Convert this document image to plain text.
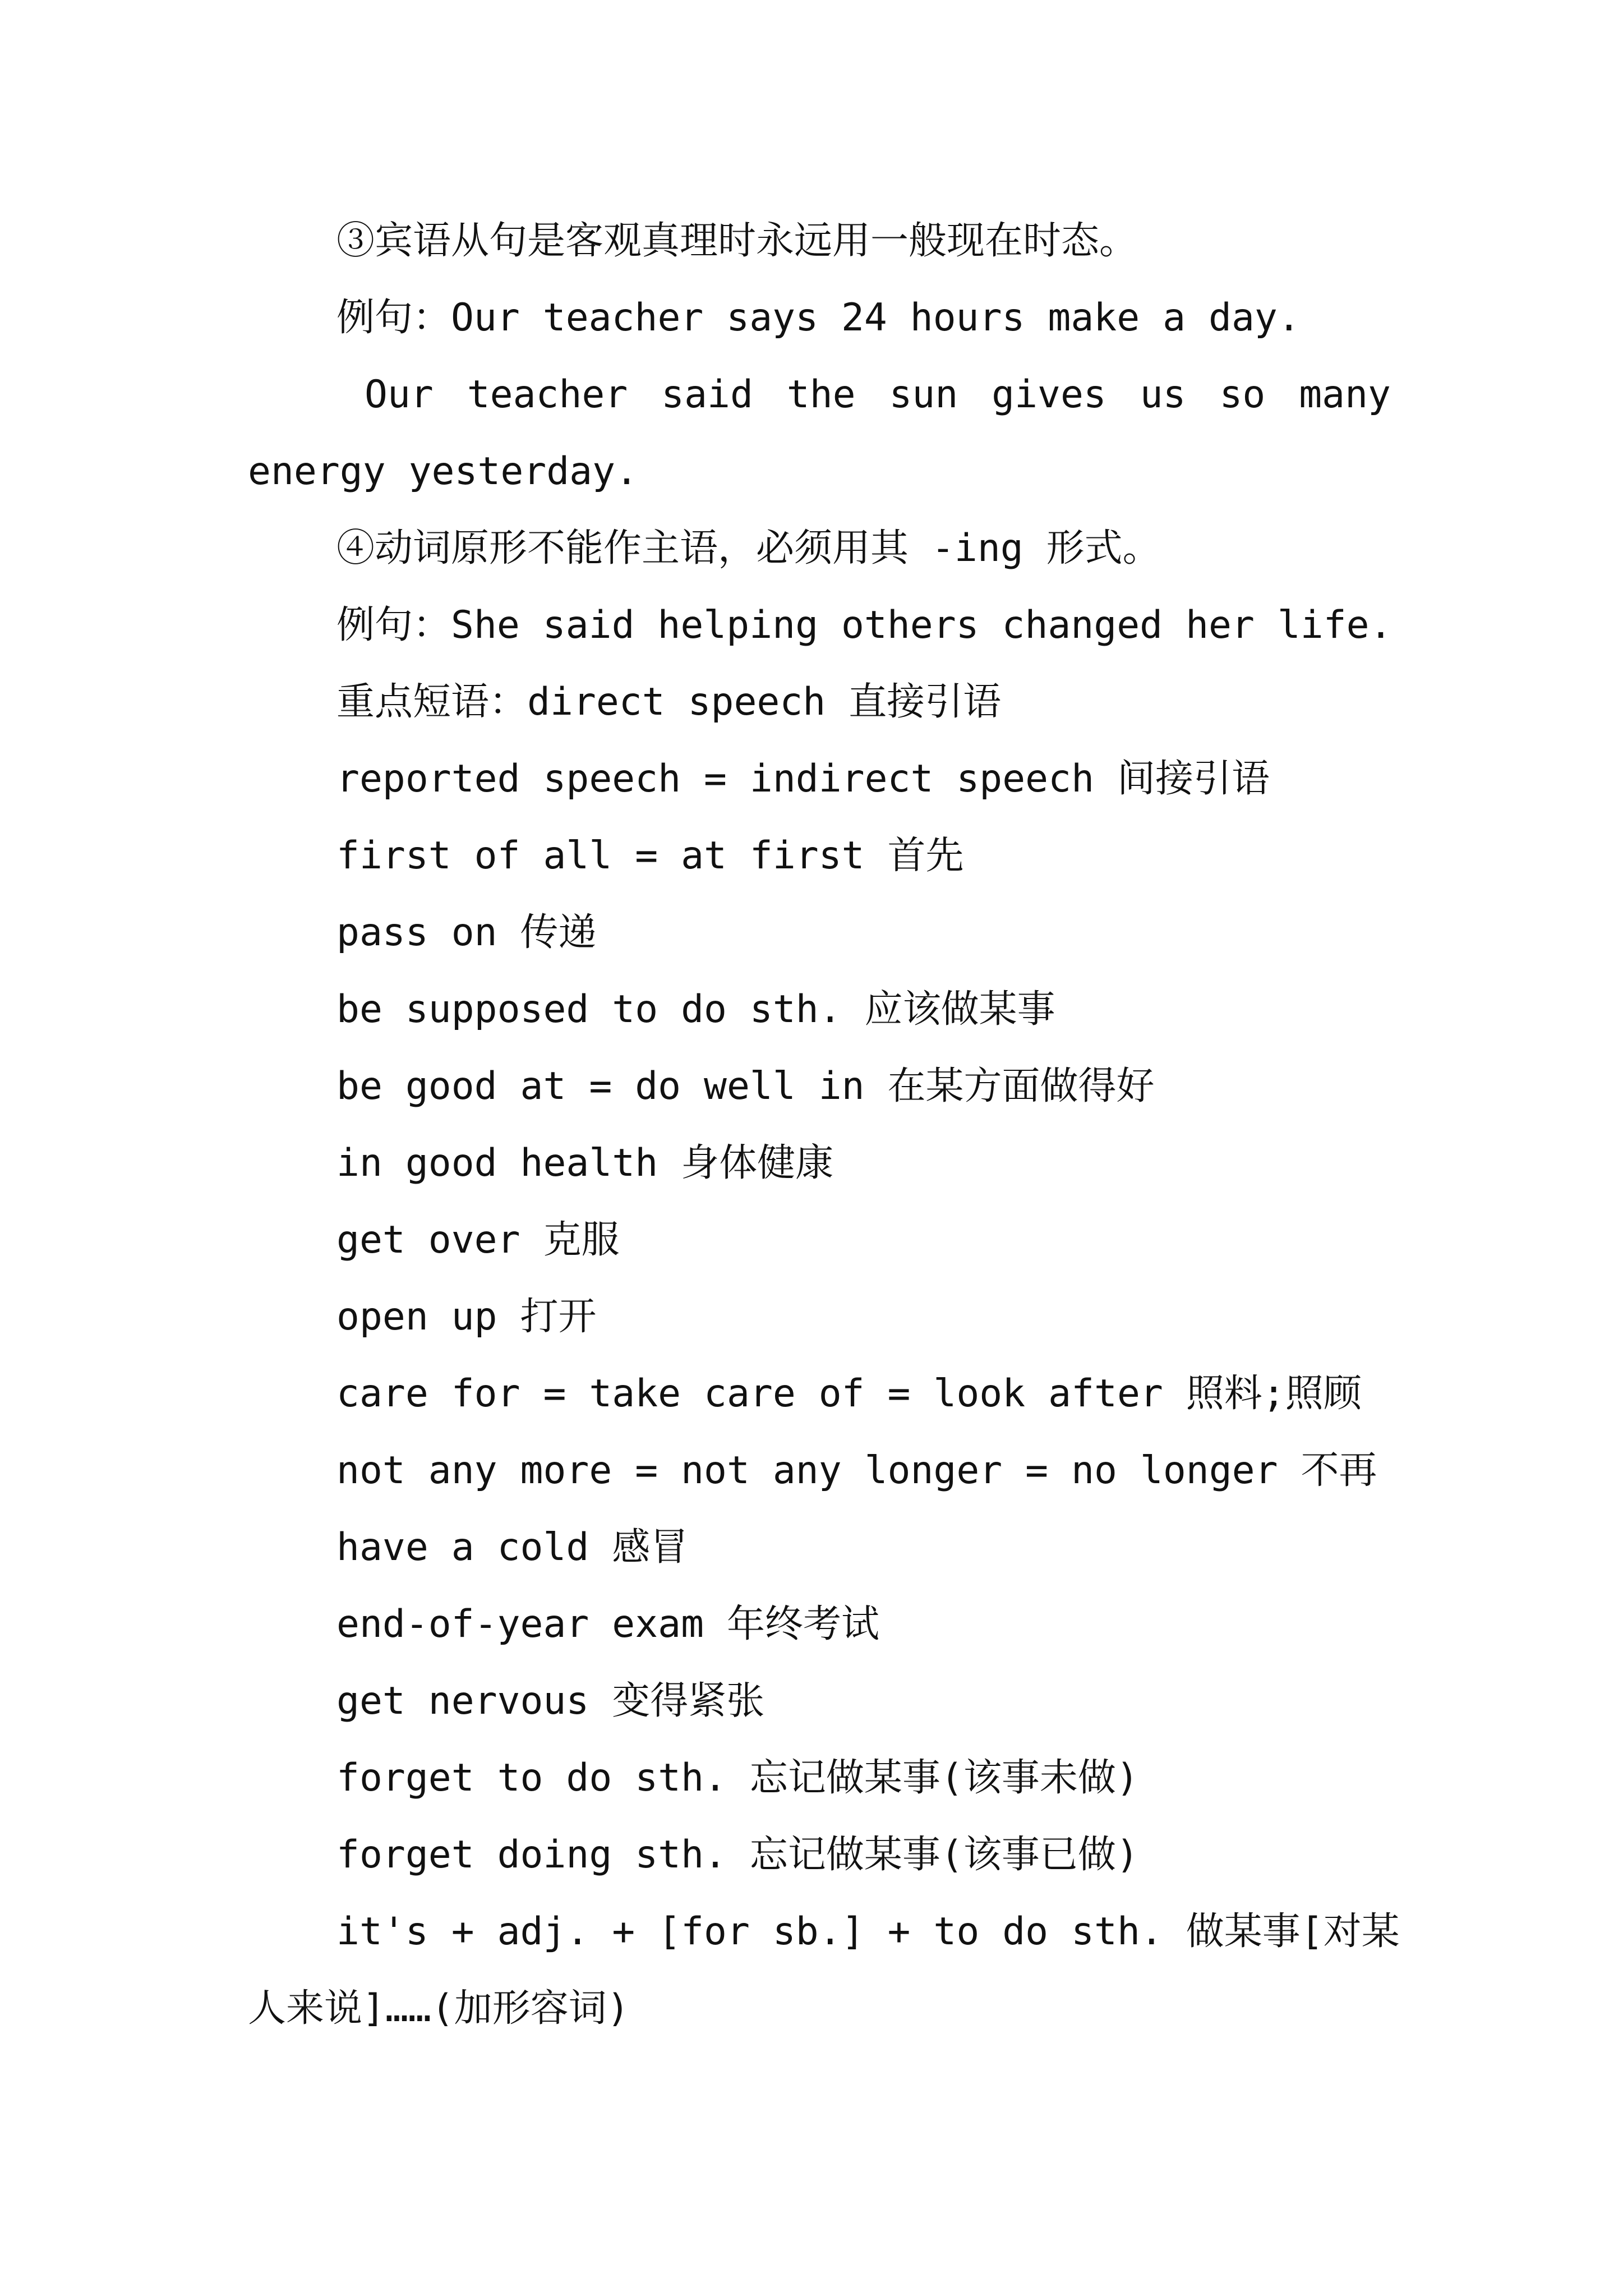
③宾语从句是客观真理时永远用一般现在时态。
例句：Our teacher says 24 hours make a day.
Our teacher said the sun gives us so many
energy yesterday.
④动词原形不能作主语，必须用其 -ing 形式。
例句：She said helping others changed her life.
重点短语：direct speech 直接引语
reported speech = indirect speech 间接引语
first of all = at first 首先
pass on 传递
be supposed to do sth. 应该做某事
be good at = do well in 在某方面做得好
in good health 身体健康
get over 克服
open up 打开
care for = take care of = look after 照料;照顾
not any more = not any longer = no longer 不再
have a cold 感冒
end-of-year exam 年终考试
get nervous 变得紧张
forget to do sth. 忘记做某事(该事未做)
forget doing sth. 忘记做某事(该事已做)
it's + adj. + [for sb.] + to do sth. 做某事[对某
人来说]……(加形容词)
